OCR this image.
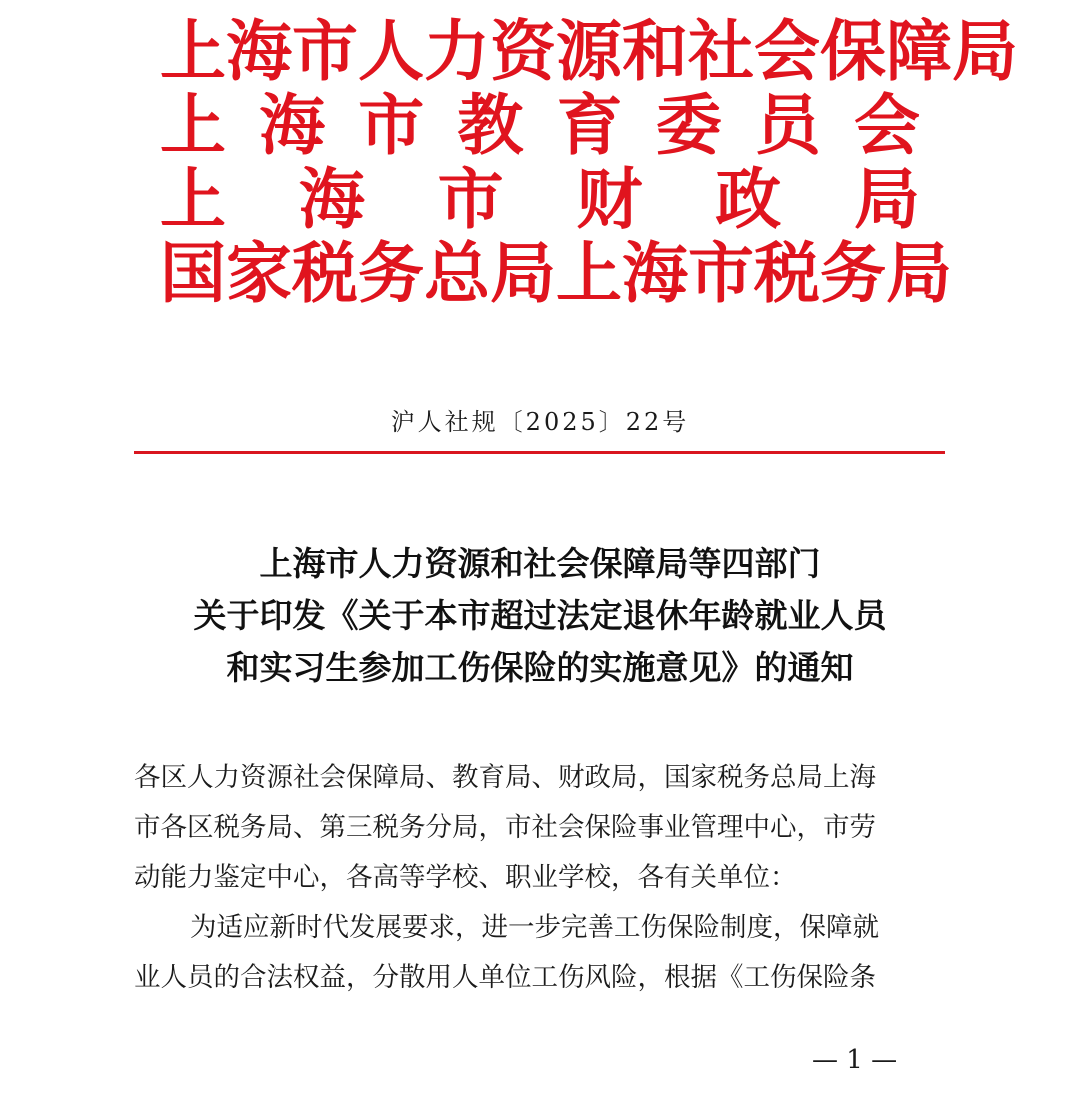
上 海 市 人 力 资 源 和 社 会 保 障 局
上 海 市 教 育 委 员 会
上 海 市 财 政 局
国 家 税 务 总 局 上 海 市 税 务 局
沪人社规〔2025〕22号
上海市人力资源和社会保障局等四部门
关于印发《关于本市超过法定退休年龄就业人员
和实习生参加工伤保险的实施意见》的通知
各区人力资源社会保障局、教育局、财政局，国家税务总局上海
市各区税务局、第三税务分局，市社会保险事业管理中心，市劳
动能力鉴定中心，各高等学校、职业学校，各有关单位：
为适应新时代发展要求，进一步完善工伤保险制度，保障就
业人员的合法权益，分散用人单位工伤风险，根据《工伤保险条
— 1 —
